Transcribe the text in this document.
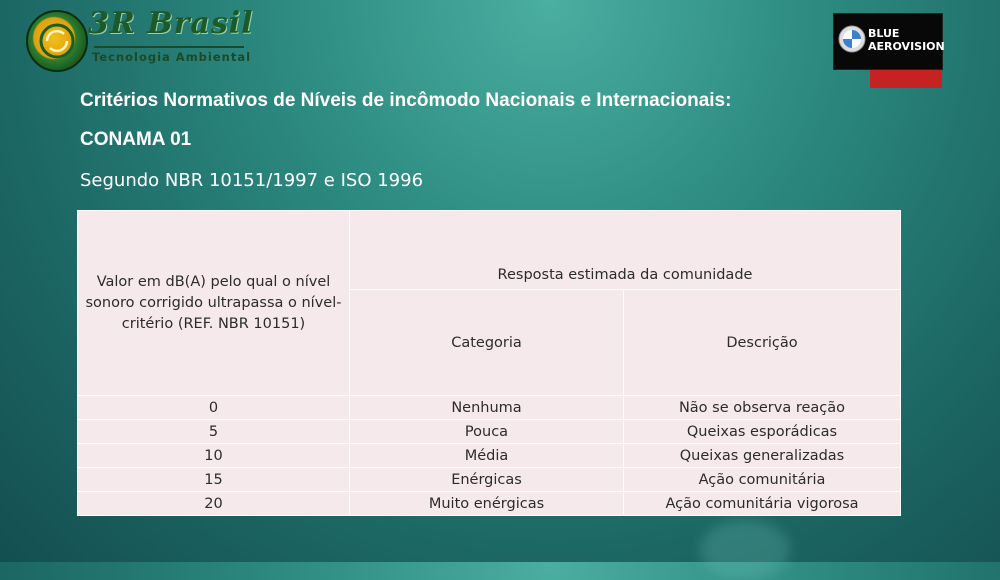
3R Brasil
Tecnologia Ambiental
BLUE
AEROVISION
Critérios Normativos de Níveis de incômodo Nacionais e Internacionais:
CONAMA 01
Segundo NBR 10151/1997 e ISO 1996
Valor em dB(A) pelo qual o nível sonoro corrigido ultrapassa o nível-critério (REF. NBR 10151)	Resposta estimada da comunidade	
	Categoria	Descrição
0	Nenhuma	Não se observa reação
5	Pouca	Queixas esporádicas
10	Média	Queixas generalizadas
15	Enérgicas	Ação comunitária
20	Muito enérgicas	Ação comunitária vigorosa
